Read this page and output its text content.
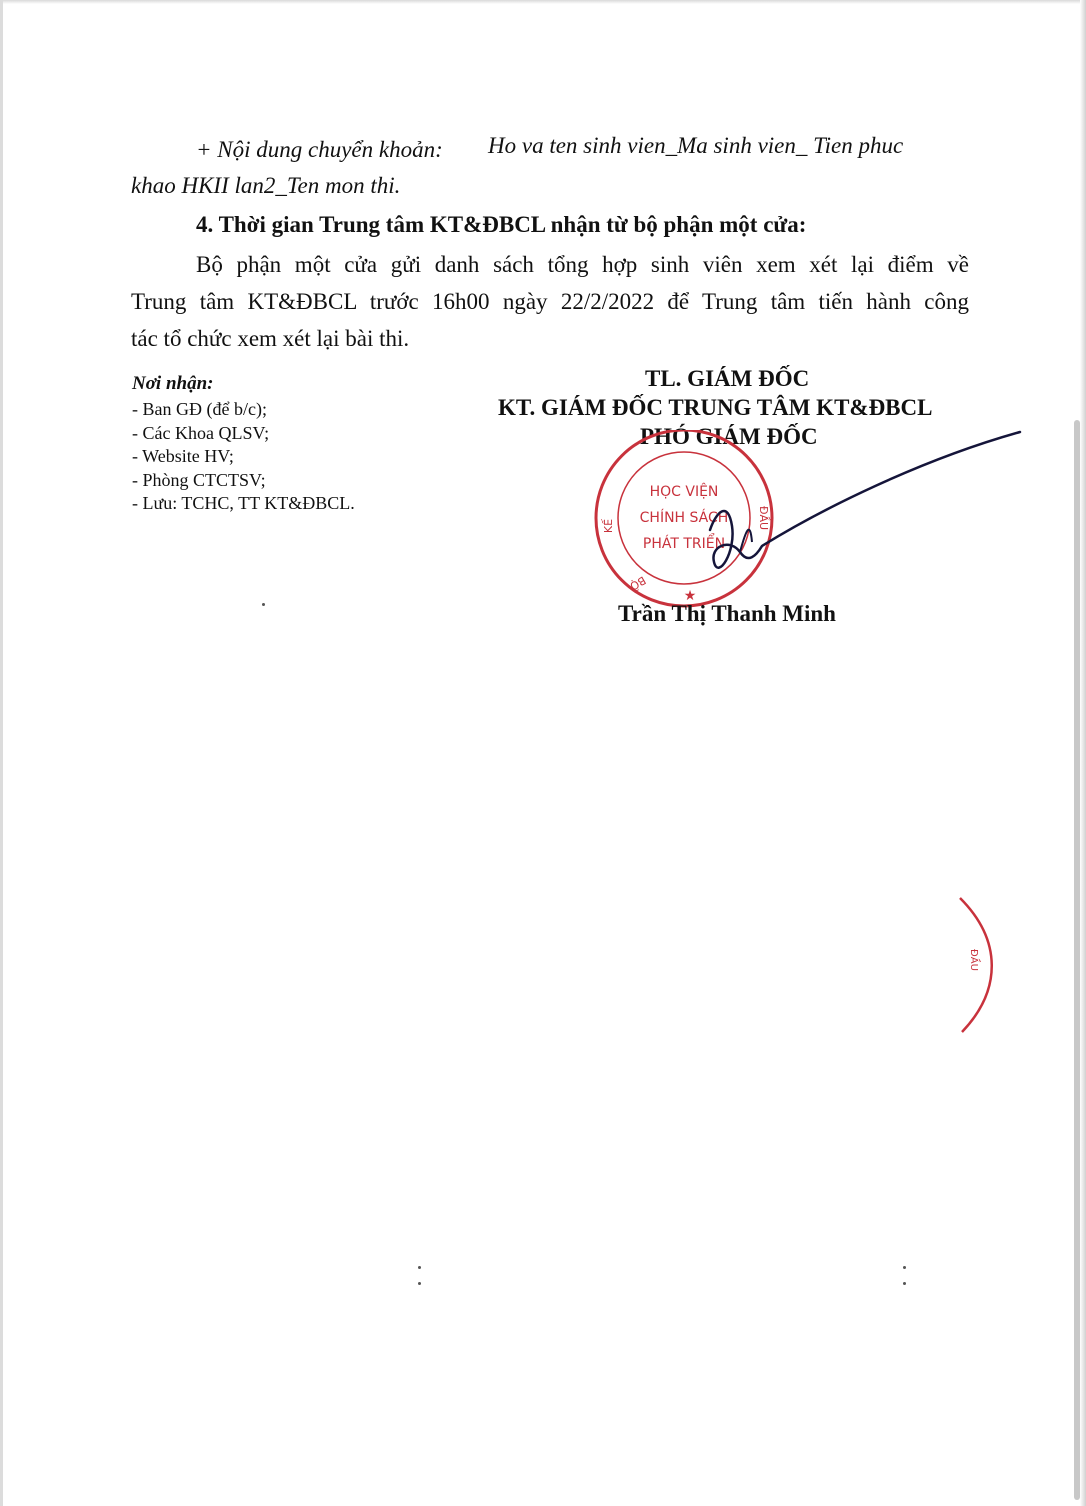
+ Nội dung chuyển khoản: Ho va ten sinh vien_Ma sinh vien_ Tien phuc
khao HKII lan2_Ten mon thi.
4. Thời gian Trung tâm KT&ĐBCL nhận từ bộ phận một cửa:
Bộ phận một cửa gửi danh sách tổng hợp sinh viên xem xét lại điểm về
Trung tâm KT&ĐBCL trước 16h00 ngày 22/2/2022 để Trung tâm tiến hành công
tác tổ chức xem xét lại bài thi.
Nơi nhận:
- Ban GĐ (để b/c);
- Các Khoa QLSV;
- Website HV;
- Phòng CTCTSV;
- Lưu: TCHC, TT KT&ĐBCL.
TL. GIÁM ĐỐC
KT. GIÁM ĐỐC TRUNG TÂM KT&ĐBCL
PHÓ GIÁM ĐỐC
HỌC VIỆN
CHÍNH SÁCH
PHÁT TRIỂN
KẾ	ĐẦU
BỘ
★
Trần Thị Thanh Minh
ĐẦU
